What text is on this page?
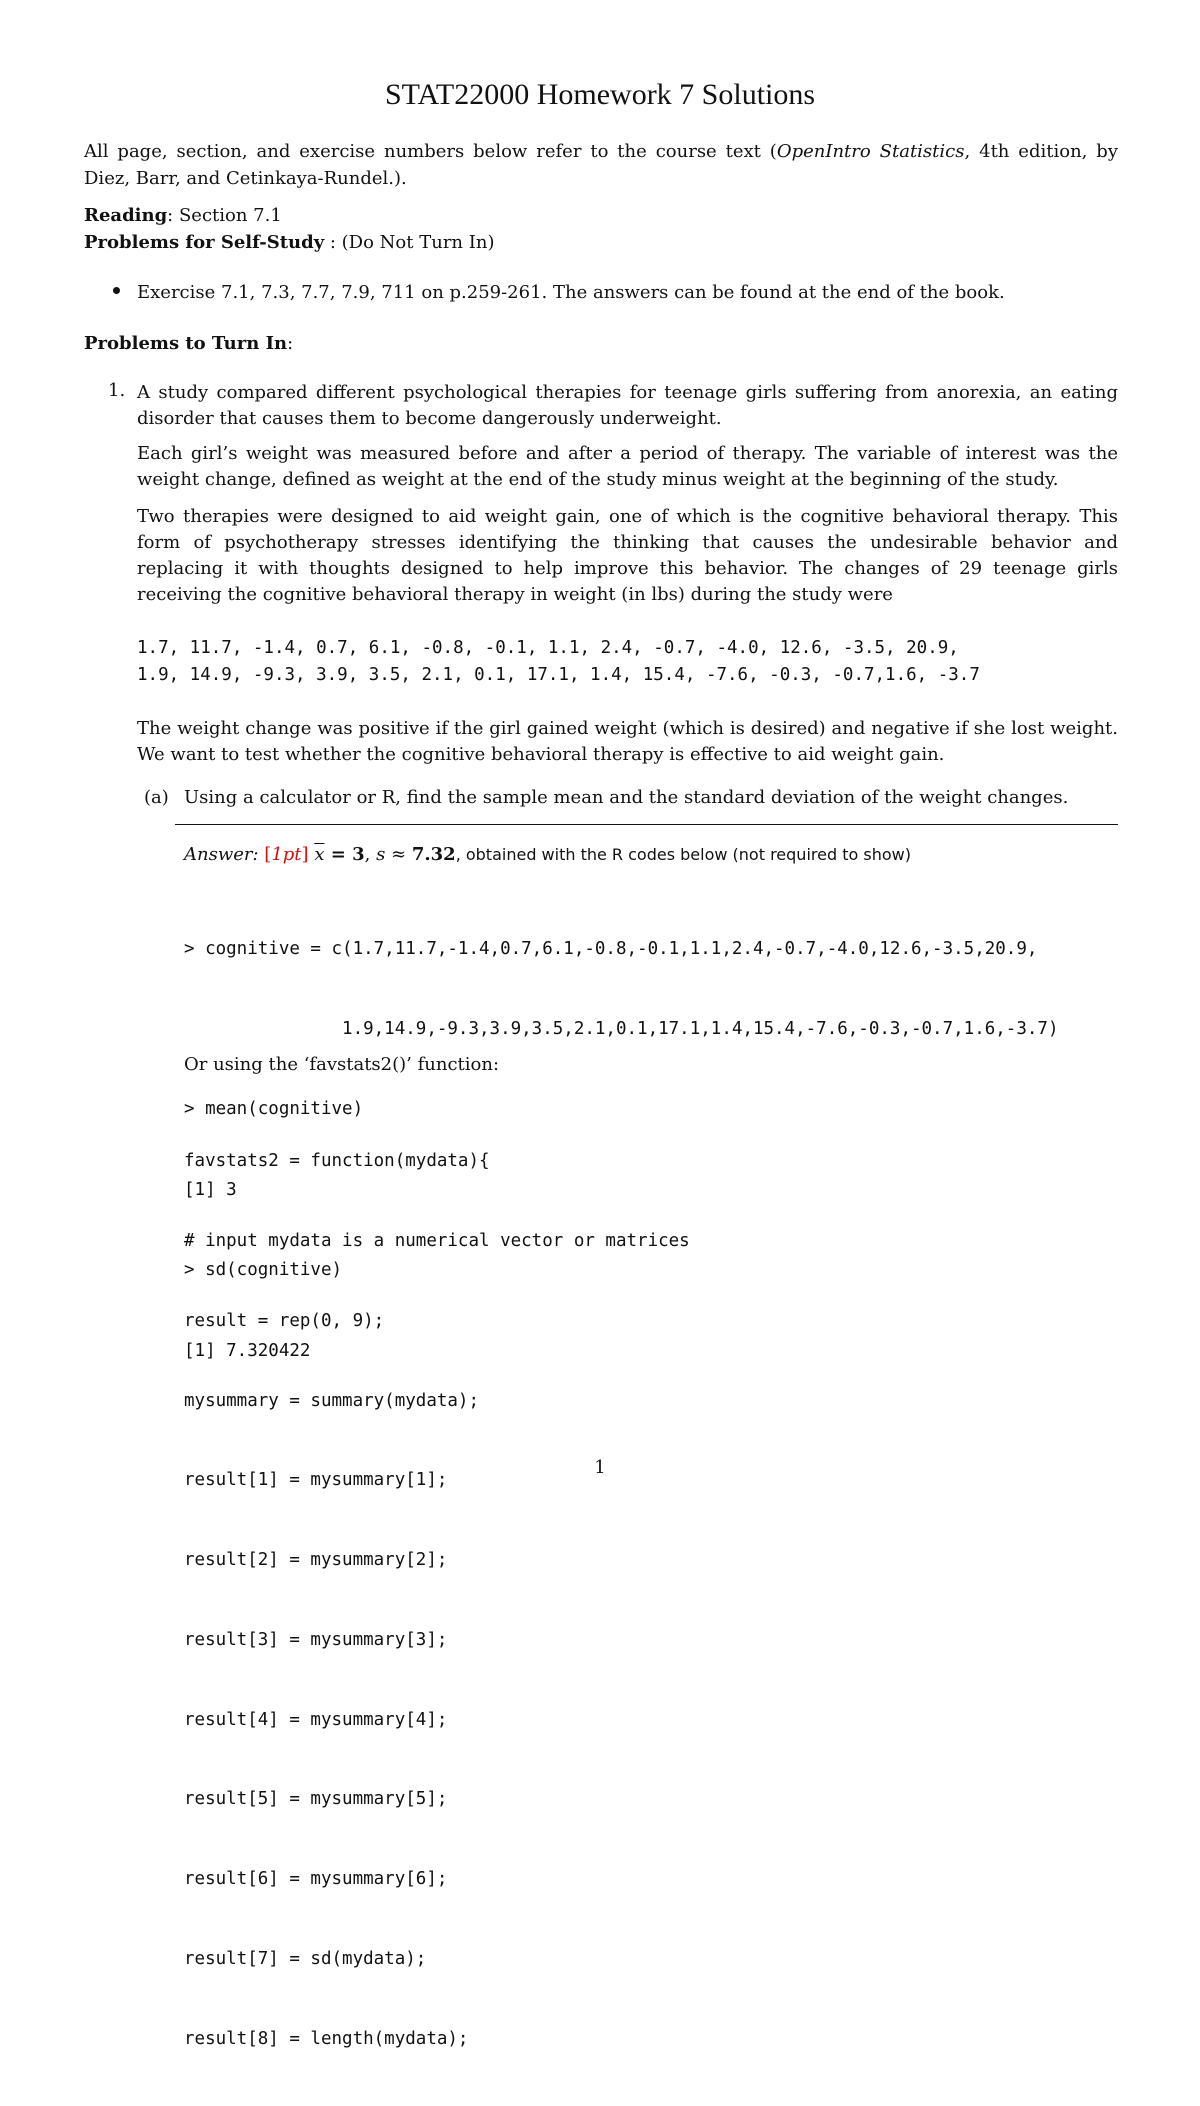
STAT22000 Homework 7 Solutions
All page, section, and exercise numbers below refer to the course text (OpenIntro Statistics, 4th edition, by Diez, Barr, and Cetinkaya-Rundel.).
Reading: Section 7.1
Problems for Self-Study : (Do Not Turn In)
Exercise 7.1, 7.3, 7.7, 7.9, 711 on p.259-261. The answers can be found at the end of the book.
Problems to Turn In:
1. A study compared different psychological therapies for teenage girls suffering from anorexia, an eating disorder that causes them to become dangerously underweight.
Each girl’s weight was measured before and after a period of therapy. The variable of interest was the weight change, defined as weight at the end of the study minus weight at the beginning of the study.
Two therapies were designed to aid weight gain, one of which is the cognitive behavioral therapy. This form of psychotherapy stresses identifying the thinking that causes the undesirable behavior and replacing it with thoughts designed to help improve this behavior. The changes of 29 teenage girls receiving the cognitive behavioral therapy in weight (in lbs) during the study were
1.7, 11.7, -1.4, 0.7, 6.1, -0.8, -0.1, 1.1, 2.4, -0.7, -4.0, 12.6, -3.5, 20.9,
1.9, 14.9, -9.3, 3.9, 3.5, 2.1, 0.1, 17.1, 1.4, 15.4, -7.6, -0.3, -0.7,1.6, -3.7
The weight change was positive if the girl gained weight (which is desired) and negative if she lost weight. We want to test whether the cognitive behavioral therapy is effective to aid weight gain.
(a) Using a calculator or R, find the sample mean and the standard deviation of the weight changes.
Answer: [1pt] $\overline{x} = 3$, s ≈ 7.32, obtained with the R codes below (not required to show)

> cognitive = c(1.7,11.7,-1.4,0.7,6.1,-0.8,-0.1,1.1,2.4,-0.7,-4.0,12.6,-3.5,20.9,

1.9,14.9,-9.3,3.9,3.5,2.1,0.1,17.1,1.4,15.4,-7.6,-0.3,-0.7,1.6,-3.7)

> mean(cognitive)

[1] 3

> sd(cognitive)

[1] 7.320422

Or using the ‘favstats2()’ function:

favstats2 = function(mydata){

# input mydata is a numerical vector or matrices

result = rep(0, 9);

mysummary = summary(mydata);

result[1] = mysummary[1];

result[2] = mysummary[2];

result[3] = mysummary[3];

result[4] = mysummary[4];

result[5] = mysummary[5];

result[6] = mysummary[6];

result[7] = sd(mydata);

result[8] = length(mydata);

1
